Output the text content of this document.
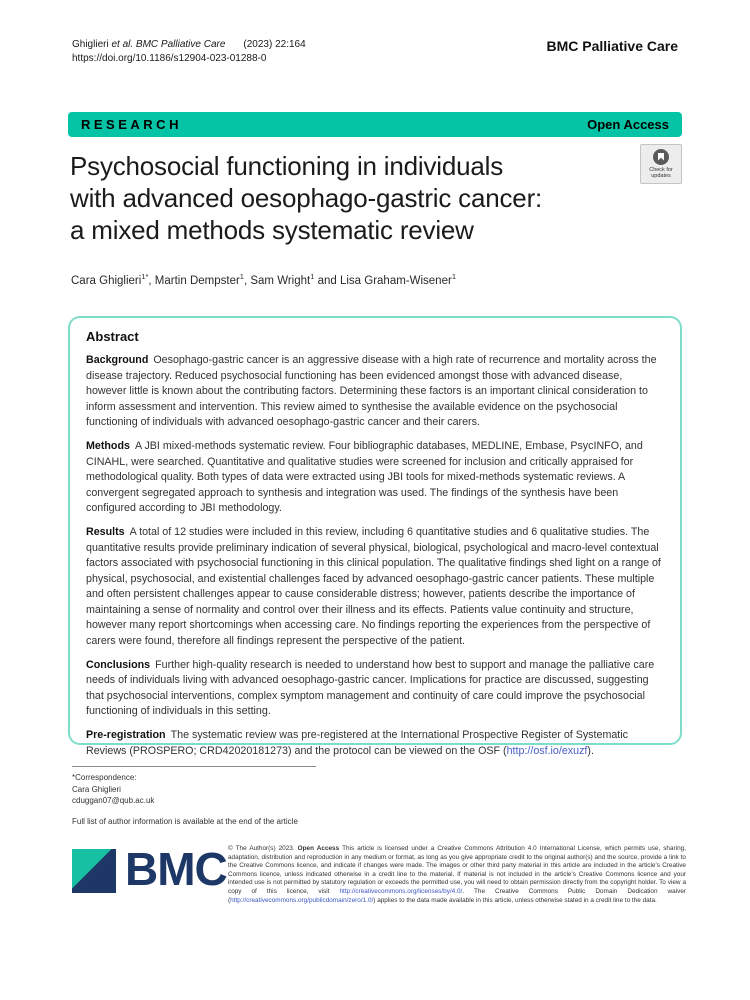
Ghiglieri et al. BMC Palliative Care (2023) 22:164
https://doi.org/10.1186/s12904-023-01288-0
BMC Palliative Care
RESEARCH	Open Access
Check for
updates
Psychosocial functioning in individuals
with advanced oesophago-gastric cancer:
a mixed methods systematic review
Cara Ghiglieri$^{1*}$, Martin Dempster$^1$, Sam Wright$^1$ and Lisa Graham-Wisener$^1$
Abstract

Background Oesophago-gastric cancer is an aggressive disease with a high rate of recurrence and mortality across the disease trajectory. Reduced psychosocial functioning has been evidenced amongst those with advanced disease, however little is known about the contributing factors. Determining these factors is an important clinical consideration to inform assessment and intervention. This review aimed to synthesise the available evidence on the psychosocial functioning of individuals with advanced oesophago-gastric cancer and their carers.

Methods A JBI mixed-methods systematic review. Four bibliographic databases, MEDLINE, Embase, PsycINFO, and CINAHL, were searched. Quantitative and qualitative studies were screened for inclusion and critically appraised for methodological quality. Both types of data were extracted using JBI tools for mixed-methods systematic reviews. A convergent segregated approach to synthesis and integration was used. The findings of the synthesis have been configured according to JBI methodology.

Results A total of 12 studies were included in this review, including 6 quantitative studies and 6 qualitative studies. The quantitative results provide preliminary indication of several physical, biological, psychological and macro-level contextual factors associated with psychosocial functioning in this clinical population. The qualitative findings shed light on a range of physical, psychosocial, and existential challenges faced by advanced oesophago-gastric cancer patients. These multiple and often persistent challenges appear to cause considerable distress; however, patients describe the importance of maintaining a sense of normality and control over their illness and its effects. Patients value continuity and structure, however many report shortcomings when accessing care. No findings reporting the experiences from the perspective of carers were found, therefore all findings represent the perspective of the patient.

Conclusions Further high-quality research is needed to understand how best to support and manage the palliative care needs of individuals living with advanced oesophago-gastric cancer. Implications for practice are discussed, suggesting that psychosocial interventions, complex symptom management and continuity of care could improve the psychosocial functioning of individuals in this setting.

Pre-registration The systematic review was pre-registered at the International Prospective Register of Systematic Reviews (PROSPERO; CRD42020181273) and the protocol can be viewed on the OSF (http://osf.io/exuzf).

*Correspondence:
Cara Ghiglieri
cduggan07@qub.ac.uk
Full list of author information is available at the end of the article
BMC © The Author(s) 2023. Open Access This article is licensed under a Creative Commons Attribution 4.0 International License, which permits use, sharing, adaptation, distribution and reproduction in any medium or format, as long as you give appropriate credit to the original author(s) and the source, provide a link to the Creative Commons licence, and indicate if changes were made. The images or other third party material in this article are included in the article's Creative Commons licence, unless indicated otherwise in a credit line to the material. If material is not included in the article's Creative Commons licence and your intended use is not permitted by statutory regulation or exceeds the permitted use, you will need to obtain permission directly from the copyright holder. To view a copy of this licence, visit http://creativecommons.org/licenses/by/4.0/. The Creative Commons Public Domain Dedication waiver (http://creativecommons.org/publicdomain/zero/1.0/) applies to the data made available in this article, unless otherwise stated in a credit line to the data.
